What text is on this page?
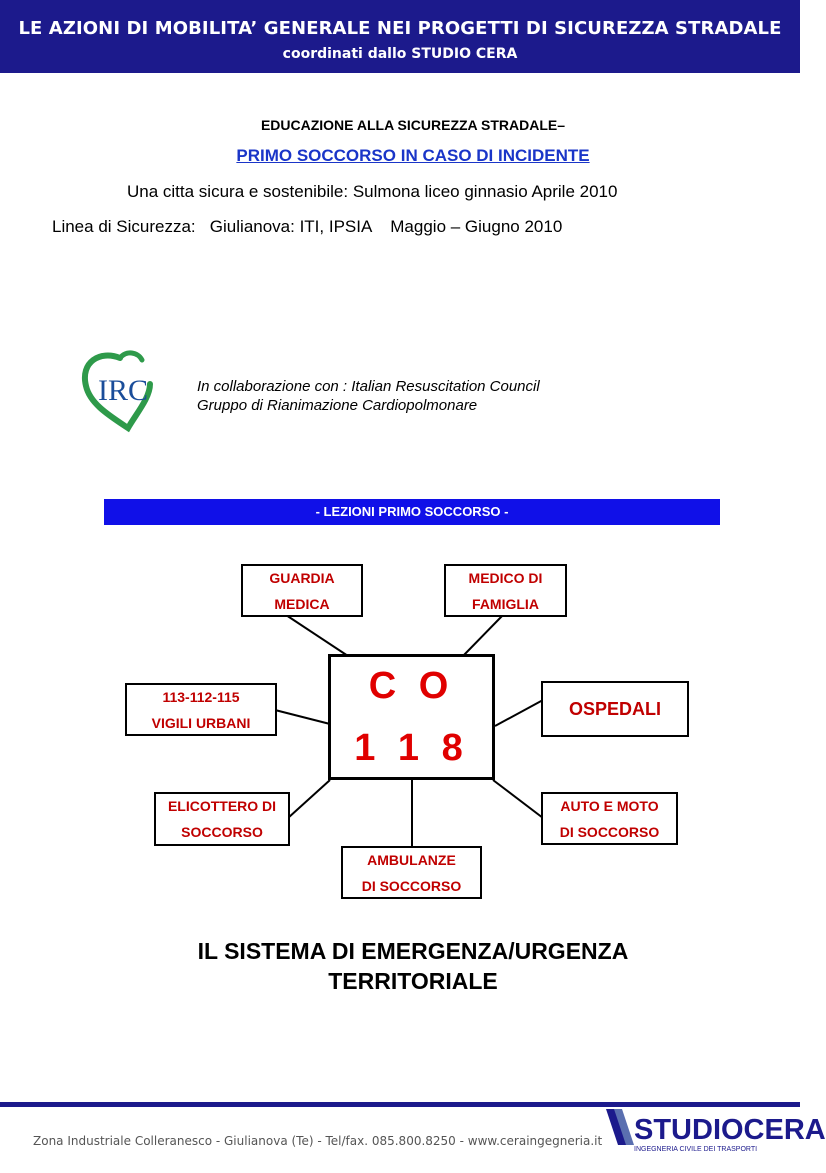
LE AZIONI DI MOBILITA’ GENERALE NEI PROGETTI DI SICUREZZA STRADALE
coordinati dallo STUDIO CERA
EDUCAZIONE ALLA SICUREZZA STRADALE–
PRIMO SOCCORSO IN CASO DI INCIDENTE
Una citta sicura e sostenibile: Sulmona liceo ginnasio Aprile 2010
Linea di Sicurezza:   Giulianova: ITI, IPSIA    Maggio – Giugno 2010
IRC	In collaborazione con : Italian Resuscitation Council
Gruppo di Rianimazione Cardiopolmonare
- LEZIONI PRIMO SOCCORSO -
C O
1 1 8
GUARDIA
MEDICA
MEDICO DI
FAMIGLIA
113-112-115
VIGILI URBANI
OSPEDALI
ELICOTTERO DI
SOCCORSO
AMBULANZE
DI SOCCORSO
AUTO E MOTO
DI SOCCORSO
IL SISTEMA DI EMERGENZA/URGENZA
TERRITORIALE
Zona Industriale Colleranesco - Giulianova (Te) - Tel/fax. 085.800.8250 - www.ceraingegneria.it STUDIOCERA
INGEGNERIA CIVILE DEI TRASPORTI
